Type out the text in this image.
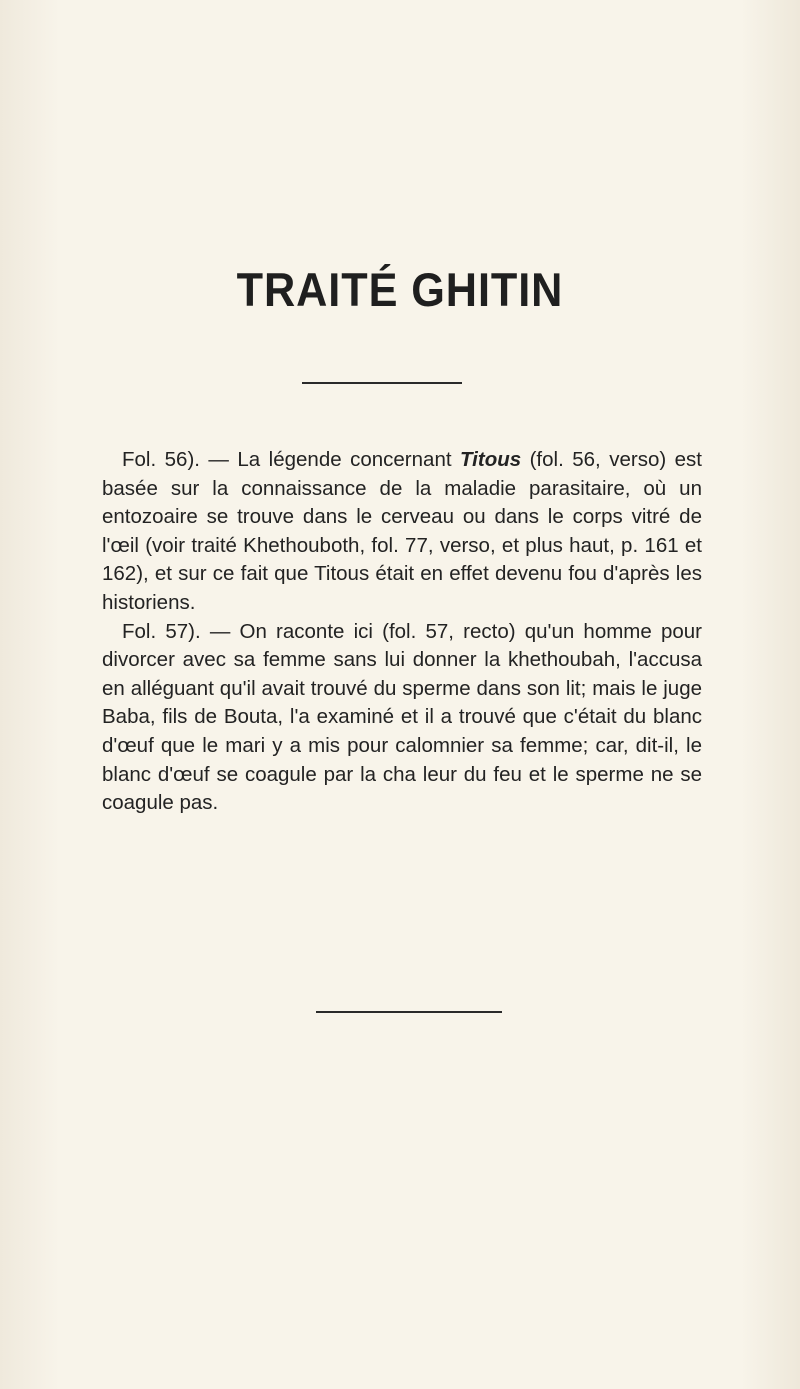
TRAITÉ GHITIN

Fol. 56). — La légende concernant Titous (fol. 56, verso) est basée sur la connaissance de la maladie parasitaire, où un entozoaire se trouve dans le cerveau ou dans le corps vitré de l'œil (voir traité Khethouboth, fol. 77, verso, et plus haut, p. 161 et 162), et sur ce fait que Titous était en effet devenu fou d'après les historiens.

Fol. 57). — On raconte ici (fol. 57, recto) qu'un homme pour divorcer avec sa femme sans lui donner la khethoubah, l'accusa en alléguant qu'il avait trouvé du sperme dans son lit; mais le juge Baba, fils de Bouta, l'a examiné et il a trouvé que c'était du blanc d'œuf que le mari y a mis pour calomnier sa femme; car, dit-il, le blanc d'œuf se coagule par la cha leur du feu et le sperme ne se coagule pas.
